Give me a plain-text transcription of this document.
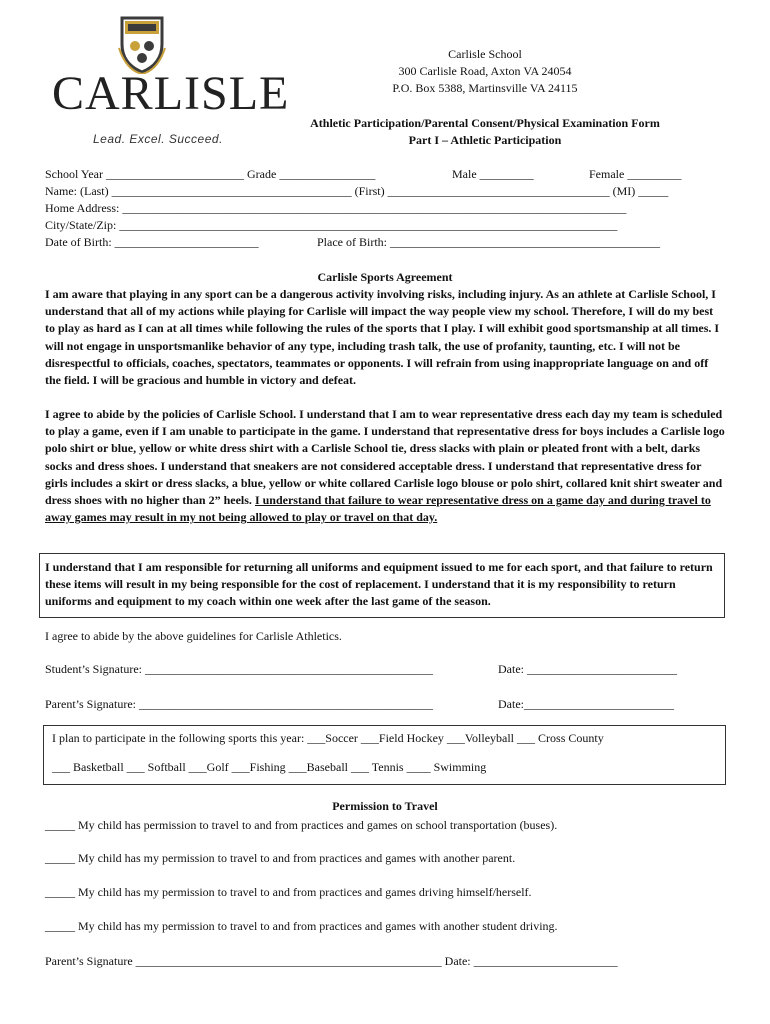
CARLISLE
Lead. Excel. Succeed.
Carlisle School
300 Carlisle Road, Axton VA 24054
P.O. Box 5388, Martinsville VA 24115
Athletic Participation/Parental Consent/Physical Examination Form
Part I – Athletic Participation
School Year _______________________ Grade ________________	Male _________	Female _________
Name: (Last) ________________________________________ (First) _____________________________________ (MI) _____
Home Address: ____________________________________________________________________________________
City/State/Zip: ___________________________________________________________________________________
Date of Birth: ________________________	Place of Birth: _____________________________________________
Carlisle Sports Agreement
I am aware that playing in any sport can be a dangerous activity involving risks, including injury. As an athlete at Carlisle School, I understand that all of my actions while playing for Carlisle will impact the way people view my school. Therefore, I will do my best to play as hard as I can at all times while following the rules of the sports that I play. I will exhibit good sportsmanship at all times. I will not engage in unsportsmanlike behavior of any type, including trash talk, the use of profanity, taunting, etc. I will not be disrespectful to officials, coaches, spectators, teammates or opponents. I will refrain from using inappropriate language on and off the field. I will be gracious and humble in victory and defeat.
I agree to abide by the policies of Carlisle School. I understand that I am to wear representative dress each day my team is scheduled to play a game, even if I am unable to participate in the game. I understand that representative dress for boys includes a Carlisle logo polo shirt or blue, yellow or white dress shirt with a Carlisle School tie, dress slacks with plain or pleated front with a belt, darks socks and dress shoes. I understand that sneakers are not considered acceptable dress. I understand that representative dress for girls includes a skirt or dress slacks, a blue, yellow or white collared Carlisle logo blouse or polo shirt, collared knit shirt sweater and dress shoes with no higher than 2” heels. I understand that failure to wear representative dress on a game day and during travel to away games may result in my not being allowed to play or travel on that day.
I understand that I am responsible for returning all uniforms and equipment issued to me for each sport, and that failure to return these items will result in my being responsible for the cost of replacement. I understand that it is my responsibility to return uniforms and equipment to my coach within one week after the last game of the season.
I agree to abide by the above guidelines for Carlisle Athletics.
Student’s Signature: ________________________________________________	Date: _________________________
Parent’s Signature: _________________________________________________	Date:_________________________
I plan to participate in the following sports this year: ___Soccer ___Field Hockey ___Volleyball ___ Cross County
___ Basketball ___ Softball ___Golf ___Fishing ___Baseball ___ Tennis ____ Swimming
Permission to Travel
_____ My child has permission to travel to and from practices and games on school transportation (buses).
_____ My child has my permission to travel to and from practices and games with another parent.
_____ My child has my permission to travel to and from practices and games driving himself/herself.
_____ My child has my permission to travel to and from practices and games with another student driving.
Parent’s Signature ___________________________________________________ Date: ________________________
